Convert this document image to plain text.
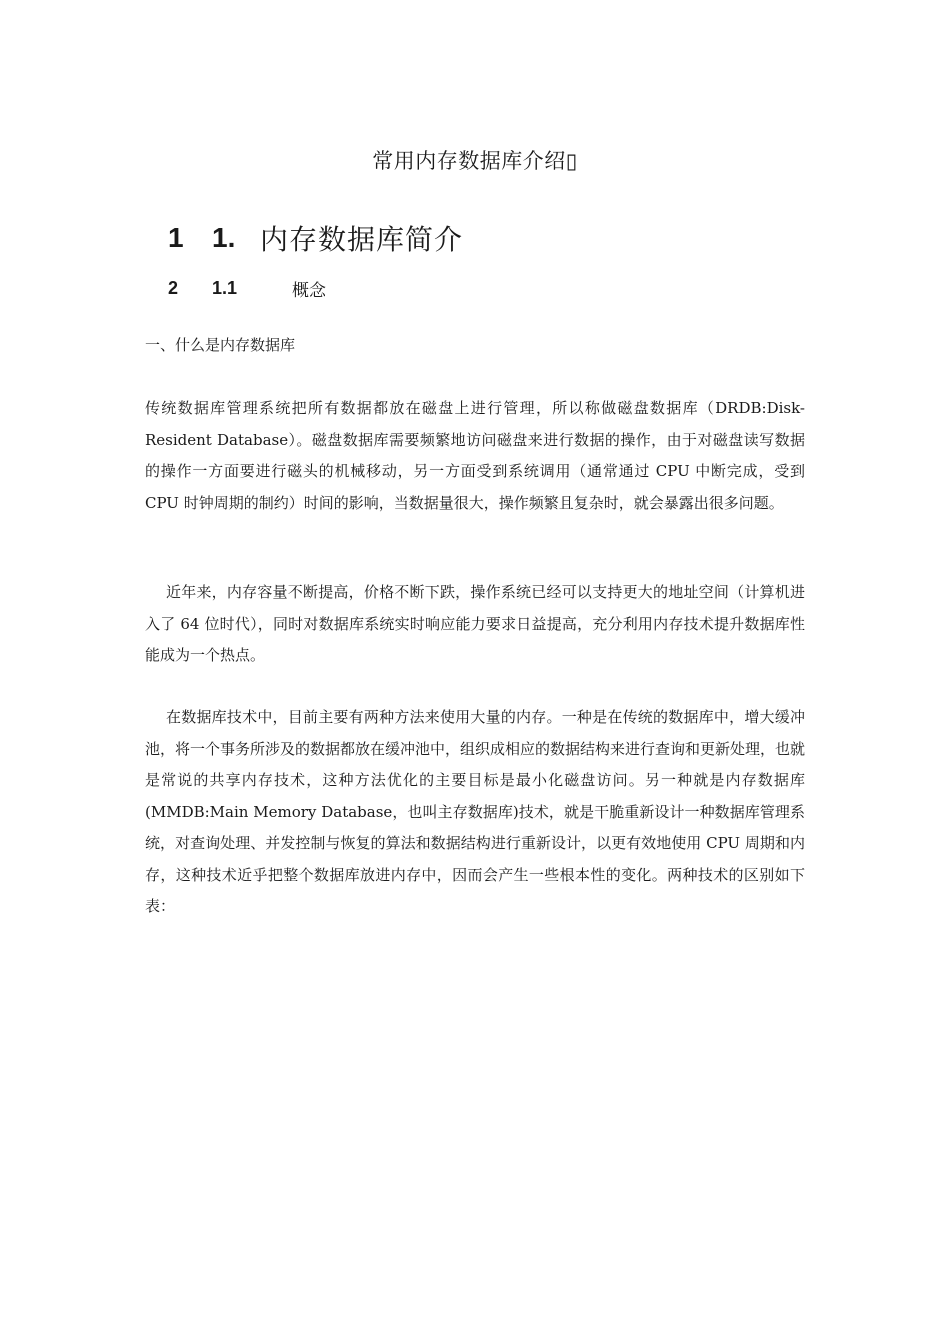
常用内存数据库介绍▯
1	1. 内存数据库简介
2	1.1	概念
一、什么是内存数据库

传统数据库管理系统把所有数据都放在磁盘上进行管理，所以称做磁盘数据库（DRDB:Disk-Resident Database）。磁盘数据库需要频繁地访问磁盘来进行数据的操作，由于对磁盘读写数据的操作一方面要进行磁头的机械移动，另一方面受到系统调用（通常通过 CPU 中断完成，受到 CPU 时钟周期的制约）时间的影响，当数据量很大，操作频繁且复杂时，就会暴露出很多问题。

近年来，内存容量不断提高，价格不断下跌，操作系统已经可以支持更大的地址空间（计算机进入了 64 位时代），同时对数据库系统实时响应能力要求日益提高，充分利用内存技术提升数据库性能成为一个热点。

在数据库技术中，目前主要有两种方法来使用大量的内存。一种是在传统的数据库中，增大缓冲池，将一个事务所涉及的数据都放在缓冲池中，组织成相应的数据结构来进行查询和更新处理，也就是常说的共享内存技术，这种方法优化的主要目标是最小化磁盘访问。另一种就是内存数据库(MMDB:Main Memory Database，也叫主存数据库)技术，就是干脆重新设计一种数据库管理系统，对查询处理、并发控制与恢复的算法和数据结构进行重新设计，以更有效地使用 CPU 周期和内存，这种技术近乎把整个数据库放进内存中，因而会产生一些根本性的变化。两种技术的区别如下表：
